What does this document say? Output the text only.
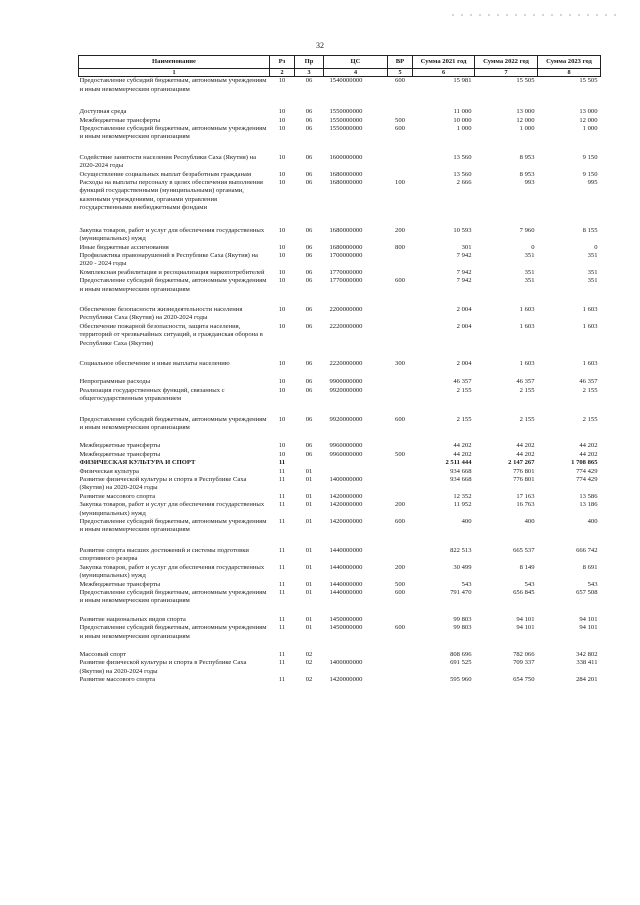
32
Наименование	Рз	Пр	ЦС	ВР	Сумма 2021 год	Сумма 2022 год	Сумма 2023 год
1	2	3	4	5	6	7	8
Предоставление субсидий бюджетным, автономным учреждениям и иным некоммерческим организациям	10	06	1540000000	600	15 981	15 505	15 505

Доступная среда	10	06	1550000000		11 000	13 000	13 000
Межбюджетные трансферты	10	06	1550000000	500	10 000	12 000	12 000
Предоставление субсидий бюджетным, автономным учреждениям и иным некоммерческим организациям	10	06	1550000000	600	1 000	1 000	1 000

Содействие занятости населения Республики Саха (Якутия) на 2020-2024 годы	10	06	1600000000		13 560	8 953	9 150
Осуществление социальных выплат безработным гражданам	10	06	1680000000		13 560	8 953	9 150
Расходы на выплаты персоналу в целях обеспечения выполнения функций государственными (муниципальными) органами, казенными учреждениями, органами управления государственными внебюджетными фондами	10	06	1680000000	100	2 666	993	995

Закупка товаров, работ и услуг для обеспечения государственных (муниципальных) нужд	10	06	1680000000	200	10 593	7 960	8 155
Иные бюджетные ассигнования	10	06	1680000000	800	301	0	0
Профилактика правонарушений в Республике Саха (Якутия) на 2020 - 2024 годы	10	06	1700000000		7 942	351	351
Комплексная реабилитация и ресоциализация наркопотребителей	10	06	1770000000		7 942	351	351
Предоставление субсидий бюджетным, автономным учреждениям и иным некоммерческим организациям	10	06	1770000000	600	7 942	351	351

Обеспечение безопасности жизнедеятельности населения Республики Саха (Якутия) на 2020-2024 годы	10	06	2200000000		2 004	1 603	1 603
Обеспечение пожарной безопасности, защита населения, территорий от чрезвычайных ситуаций, и гражданская оборона в Республике Саха (Якутия)	10	06	2220000000		2 004	1 603	1 603

Социальное обеспечение и иные выплаты населению	10	06	2220000000	300	2 004	1 603	1 603

Непрограммные расходы	10	06	9900000000		46 357	46 357	46 357
Реализация государственных функций, связанных с общегосударственным управлением	10	06	9920000000		2 155	2 155	2 155

Предоставление субсидий бюджетным, автономным учреждениям и иным некоммерческим организациям	10	06	9920000000	600	2 155	2 155	2 155

Межбюджетные трансферты	10	06	9960000000		44 202	44 202	44 202
Межбюджетные трансферты	10	06	9960000000	500	44 202	44 202	44 202
ФИЗИЧЕСКАЯ КУЛЬТУРА И СПОРТ	11				2 511 444	2 147 267	1 708 865
Физическая культура	11	01			934 668	776 801	774 429
Развитие физической культуры и спорта в Республике Саха (Якутия) на 2020-2024 годы	11	01	1400000000		934 668	776 801	774 429
Развитие массового спорта	11	01	1420000000		12 352	17 163	13 586
Закупка товаров, работ и услуг для обеспечения государственных (муниципальных) нужд	11	01	1420000000	200	11 952	16 763	13 186
Предоставление субсидий бюджетным, автономным учреждениям и иным некоммерческим организациям	11	01	1420000000	600	400	400	400

Развитие спорта высших достижений и системы подготовки спортивного резерва	11	01	1440000000		822 513	665 537	666 742
Закупка товаров, работ и услуг для обеспечения государственных (муниципальных) нужд	11	01	1440000000	200	30 499	8 149	8 691
Межбюджетные трансферты	11	01	1440000000	500	543	543	543
Предоставление субсидий бюджетным, автономным учреждениям и иным некоммерческим организациям	11	01	1440000000	600	791 470	656 845	657 508

Развитие национальных видов спорта	11	01	1450000000		99 803	94 101	94 101
Предоставление субсидий бюджетным, автономным учреждениям и иным некоммерческим организациям	11	01	1450000000	600	99 803	94 101	94 101

Массовый спорт	11	02			808 696	782 066	342 802
Развитие физической культуры и спорта в Республике Саха (Якутия) на 2020-2024 годы	11	02	1400000000		691 525	709 337	338 411
Развитие массового спорта	11	02	1420000000		595 960	654 750	284 201
